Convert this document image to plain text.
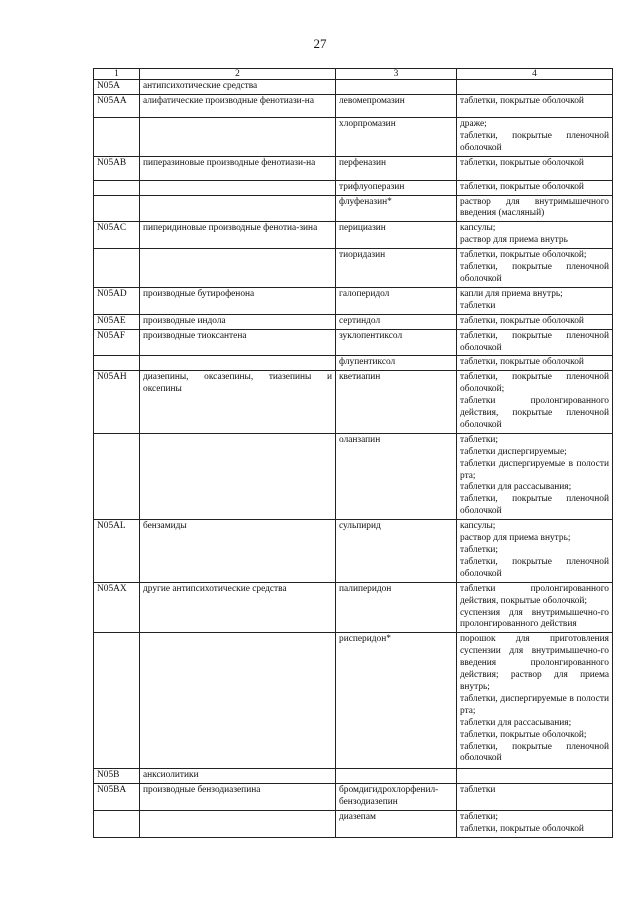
27
1	2	3	4
N05A	антипсихотические средства		
N05AA	алифатические производные фенотиази-на	левомепромазин	таблетки, покрытые оболочкой

		хлорпромазин	драже;
таблетки, покрытые пленочной оболочкой

N05AB	пиперазиновые производные фенотиази-на	перфеназин	таблетки, покрытые оболочкой

		трифлуоперазин	таблетки, покрытые оболочкой

		флуфеназин*	раствор для внутримышечного введения (масляный)

N05AC	пиперидиновые производные фенотиа-зина	перициазин	капсулы;
раствор для приема внутрь

		тиоридазин	таблетки, покрытые оболочкой;
таблетки, покрытые пленочной оболочкой

N05AD	производные бутирофенона	галоперидол	капли для приема внутрь;
таблетки

N05AE	производные индола	сертиндол	таблетки, покрытые оболочкой

N05AF	производные тиоксантена	зуклопентиксол	таблетки, покрытые пленочной оболочкой

		флупентиксол	таблетки, покрытые оболочкой

N05AH	диазепины, оксазепины, тиазепины и оксепины	кветиапин	таблетки, покрытые пленочной оболочкой;
таблетки пролонгированного действия, покрытые пленочной оболочкой

		оланзапин	таблетки;
таблетки диспергируемые;
таблетки диспергируемые в полости рта;
таблетки для рассасывания;
таблетки, покрытые пленочной оболочкой

N05AL	бензамиды	сульпирид	капсулы;
раствор для приема внутрь;
таблетки;
таблетки, покрытые пленочной оболочкой

N05AX	другие антипсихотические средства	палиперидон	таблетки пролонгированного действия, покрытые оболочкой;
суспензия для внутримышечно-го пролонгированного действия

		рисперидон*	порошок для приготовления суспензии для внутримышечно-го введения пролонгированного действия; раствор для приема внутрь;
таблетки, диспергируемые в полости рта;
таблетки для рассасывания;
таблетки, покрытые оболочкой;
таблетки, покрытые пленочной оболочкой

N05B	анксиолитики		
N05BA	производные бензодиазепина	бромдигидрохлорфенил-бензодиазепин	таблетки

		диазепам	таблетки;
таблетки, покрытые оболочкой
